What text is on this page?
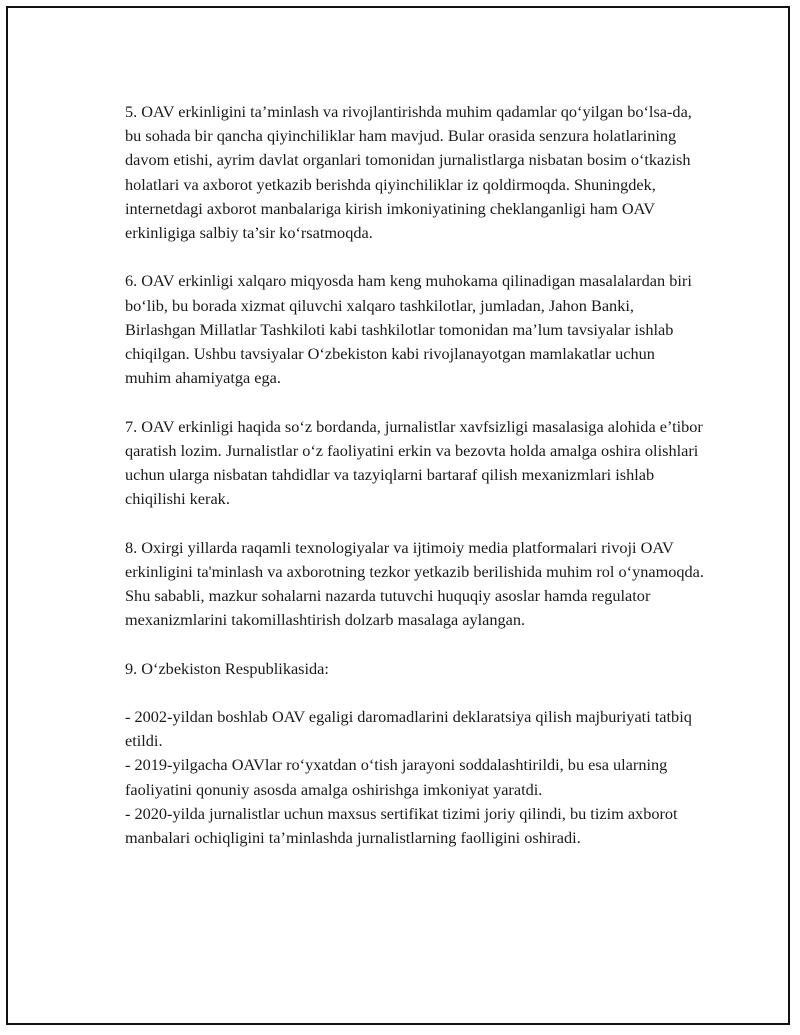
5. OAV erkinligini ta’minlash va rivojlantirishda muhim qadamlar qo‘yilgan bo‘lsa-da, bu sohada bir qancha qiyinchiliklar ham mavjud. Bular orasida senzura holatlarining davom etishi, ayrim davlat organlari tomonidan jurnalistlarga nisbatan bosim o‘tkazish holatlari va axborot yetkazib berishda qiyinchiliklar iz qoldirmoqda. Shuningdek, internetdagi axborot manbalariga kirish imkoniyatining cheklanganligi ham OAV erkinligiga salbiy ta’sir ko‘rsatmoqda.

6. OAV erkinligi xalqaro miqyosda ham keng muhokama qilinadigan masalalardan biri bo‘lib, bu borada xizmat qiluvchi xalqaro tashkilotlar, jumladan, Jahon Banki, Birlashgan Millatlar Tashkiloti kabi tashkilotlar tomonidan ma’lum tavsiyalar ishlab chiqilgan. Ushbu tavsiyalar O‘zbekiston kabi rivojlanayotgan mamlakatlar uchun muhim ahamiyatga ega.

7. OAV erkinligi haqida so‘z bordanda, jurnalistlar xavfsizligi masalasiga alohida e’tibor qaratish lozim. Jurnalistlar o‘z faoliyatini erkin va bezovta holda amalga oshira olishlari uchun ularga nisbatan tahdidlar va tazyiqlarni bartaraf qilish mexanizmlari ishlab chiqilishi kerak.

8. Oxirgi yillarda raqamli texnologiyalar va ijtimoiy media platformalari rivoji OAV erkinligini ta'minlash va axborotning tezkor yetkazib berilishida muhim rol o‘ynamoqda. Shu sababli, mazkur sohalarni nazarda tutuvchi huquqiy asoslar hamda regulator mexanizmlarini takomillashtirish dolzarb masalaga aylangan.

9. O‘zbekiston Respublikasida:

- 2002-yildan boshlab OAV egaligi daromadlarini deklaratsiya qilish majburiyati tatbiq etildi.
- 2019-yilgacha OAVlar ro‘yxatdan o‘tish jarayoni soddalashtirildi, bu esa ularning faoliyatini qonuniy asosda amalga oshirishga imkoniyat yaratdi.
- 2020-yilda jurnalistlar uchun maxsus sertifikat tizimi joriy qilindi, bu tizim axborot manbalari ochiqligini ta’minlashda jurnalistlarning faolligini oshiradi.
